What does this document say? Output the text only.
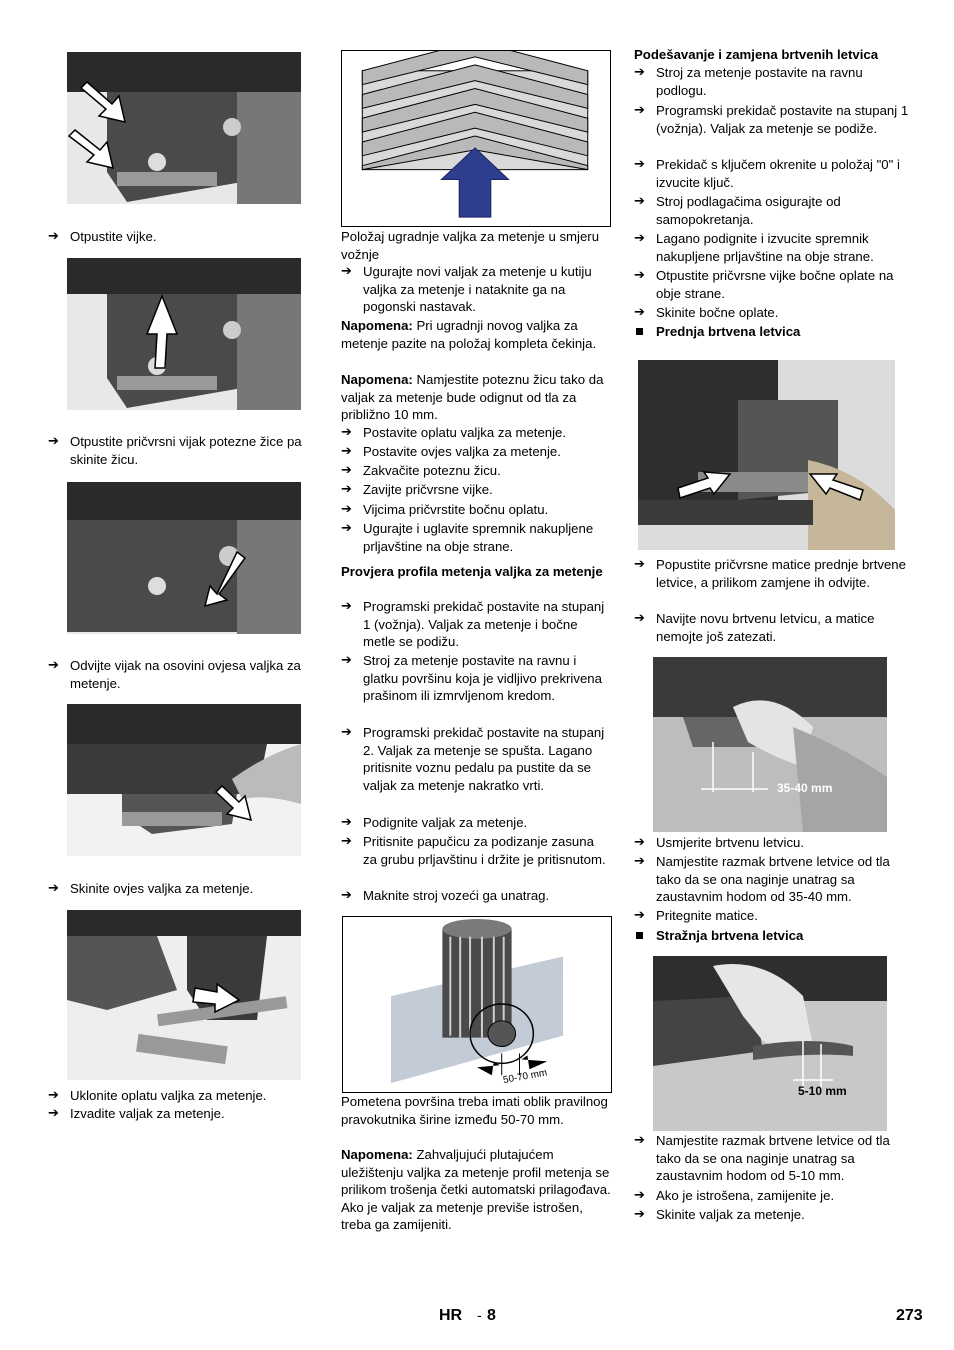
➔ Otpustite vijke.
➔ Otpustite pričvrsni vijak potezne žice pa skinite žicu.
➔ Odvijte vijak na osovini ovjesa valjka za metenje.
➔ Skinite ovjes valjka za metenje.
➔ Uklonite oplatu valjka za metenje.
➔ Izvadite valjak za metenje.
Položaj ugradnje valjka za metenje u smjeru vožnje
➔ Ugurajte novi valjak za metenje u kutiju valjka za metenje i nataknite ga na pogonski nastavak.
Napomena: Pri ugradnji novog valjka za metenje pazite na položaj kompleta čekinja.
Napomena: Namjestite poteznu žicu tako da valjak za metenje bude odignut od tla za približno 10 mm.
➔ Postavite oplatu valjka za metenje.
➔ Postavite ovjes valjka za metenje.
➔ Zakvačite poteznu žicu.
➔ Zavijte pričvrsne vijke.
➔ Vijcima pričvrstite bočnu oplatu.
➔ Ugurajte i uglavite spremnik nakupljene prljavštine na obje strane.
Provjera profila metenja valjka za metenje
➔ Programski prekidač postavite na stupanj 1 (vožnja). Valjak za metenje i bočne metle se podižu.
➔ Stroj za metenje postavite na ravnu i glatku površinu koja je vidljivo prekrivena prašinom ili izmrvljenom kredom.
➔ Programski prekidač postavite na stupanj 2. Valjak za metenje se spušta. Lagano pritisnite voznu pedalu pa pustite da se valjak za metenje nakratko vrti.
➔ Podignite valjak za metenje.
➔ Pritisnite papučicu za podizanje zasuna za grubu prljavštinu i držite je pritisnutom.
➔ Maknite stroj vozeći ga unatrag.
50-70 mm
Pometena površina treba imati oblik pravilnog pravokutnika širine između 50-70 mm.
Napomena: Zahvaljujući plutajućem uležištenju valjka za metenje profil metenja se prilikom trošenja četki automatski prilagođava. Ako je valjak za metenje previše istrošen, treba ga zamijeniti.
Podešavanje i zamjena brtvenih letvica
➔ Stroj za metenje postavite na ravnu podlogu.
➔ Programski prekidač postavite na stupanj 1 (vožnja). Valjak za metenje se podiže.
➔ Prekidač s ključem okrenite u položaj "0" i izvucite ključ.
➔ Stroj podlagačima osigurajte od samopokretanja.
➔ Lagano podignite i izvucite spremnik nakupljene prljavštine na obje strane.
➔ Otpustite pričvrsne vijke bočne oplate na obje strane.
➔ Skinite bočne oplate.
Prednja brtvena letvica
➔ Popustite pričvrsne matice prednje brtvene letvice, a prilikom zamjene ih odvijte.
➔ Navijte novu brtvenu letvicu, a matice nemojte još zatezati.
35-40 mm
➔ Usmjerite brtvenu letvicu.
➔ Namjestite razmak brtvene letvice od tla tako da se ona naginje unatrag sa zaustavnim hodom od 35-40 mm.
➔ Pritegnite matice.
Stražnja brtvena letvica
5-10 mm
➔ Namjestite razmak brtvene letvice od tla tako da se ona naginje unatrag sa zaustavnim hodom od 5-10 mm.
➔ Ako je istrošena, zamijenite je.
➔ Skinite valjak za metenje.
HR - 8	273
